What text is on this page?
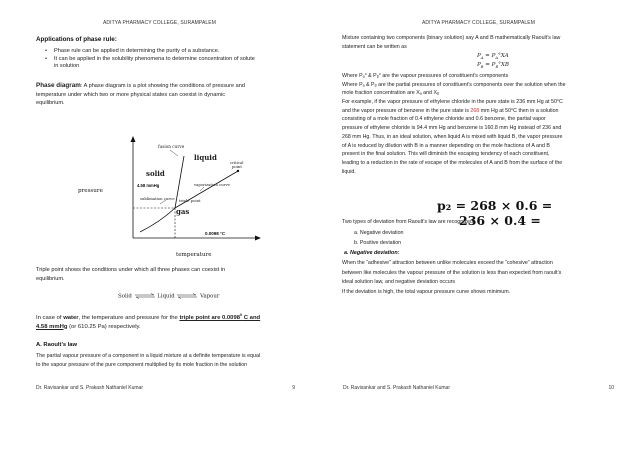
ADITYA PHARMACY COLLEGE, SURAMPALEM
Applications of phase rule:
• Phase rule can be applied in determining the purity of a substance.
• It can be applied in the solubility phenomena to determine concentration of solute
in solution
Phase diagram: A phase diagram is a plot showing the conditions of pressure and
temperature under which two or more physical states can coexist in dynamic
equilibrium.
fusion curve
liquid
critical
point
solid
4.58 mmHg	vaporization curve
pressure
sublimation curve triple point
gas
0.0098 °C
temperature
Triple point shows the conditions under which all three phases can coexist in
equilibrium.
Solid	Liquid	Vapour
In case of water, the temperature and pressure for the triple point are 0.0098$^0$ C and
4.58 mmHg (or 610.25 Pa) respectively.
A. Raoult’s law
The partial vapour pressure of a component in a liquid mixture at a definite temperature is equal
to the vapour pressure of the pure component multiplied by its mole fraction in the solution
Dr. Ravisankar and S. Prakash Nathaniel Kumar	9
ADITYA PHARMACY COLLEGE, SURAMPALEM
Mixture containing two components (binary solution) say A and B mathematically Raoult’s law
statement can be written as
$P_A = P_A^\circ XA$
$P_B = P_B^\circ XB$
Where Pₐ° & Pᵦ° are the vapour pressures of constituent’s components
Where Pₐ & Pᵦ are the partial pressures of constituent’s components over the solution when the
mole fraction concentration are Xₐ and Xᵦ
For example, if the vapor pressure of ethylene chloride in the pure state is 236 mm Hg at 50°C
and the vapor pressure of benzene in the pure state is 268 mm Hg at 50°C then in a solution
consisting of a mole fraction of 0.4 ethylene chloride and 0.6 benzene, the partial vapor
pressure of ethylene chloride is 94.4 mm Hg and benzene is 160.8 mm Hg instead of 236 and
268 mm Hg. Thus, in an ideal solution, when liquid A is mixed with liquid B, the vapor pressure
of A is reduced by dilution with B in a manner depending on the mole fractions of A and B
present in the final solution. This will diminish the escaping tendency of each constituent,
leading to a reduction in the rate of escape of the molecules of A and B from the surface of the
liquid.
p₂ = 268 × 0.6 =
236 × 0.4 =
Two types of deviation from Raoult’s law are recognized
a. Negative deviation
b. Positive deviation
a. Negative deviation:
When the “adhesive” attraction between unlike molecules exceed the “cohesive” attraction
between like molecules the vapour pressure of the solution is less than expected from raoult’s
ideal solution law, and negative deviation occurs
If the deviation is high, the total vapour pressure curve shows minimum.
Dr. Ravisankar and S. Prakash Nathaniel Kumar	10
